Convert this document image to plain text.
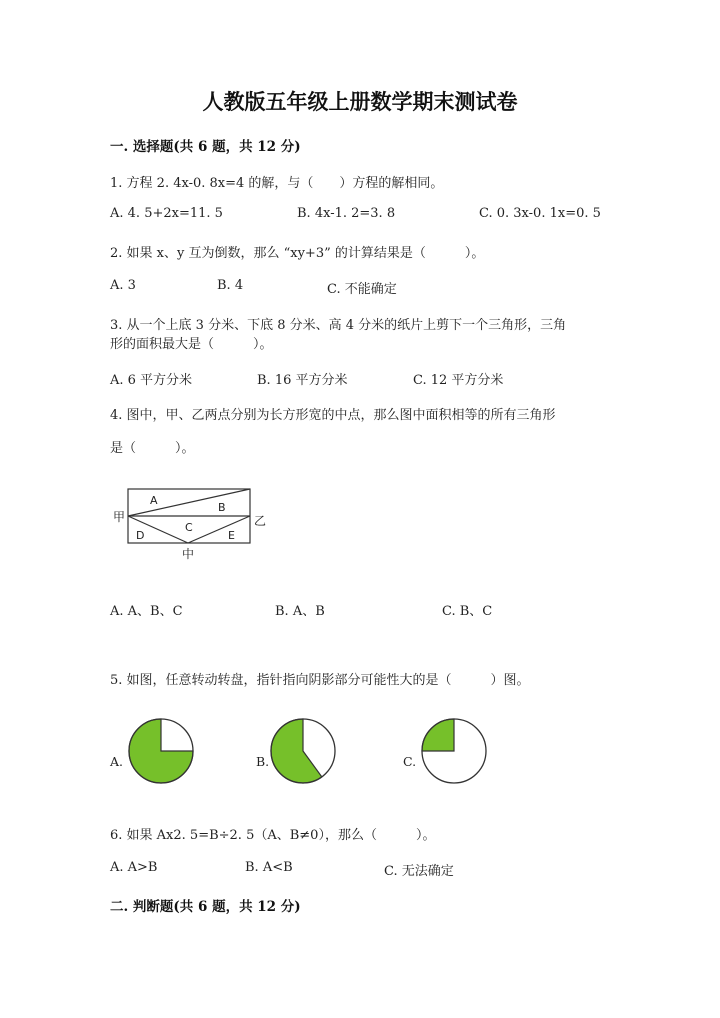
人教版五年级上册数学期末测试卷
一. 选择题(共 6 题，共 12 分)
1. 方程 2. 4x-0. 8x=4 的解，与（　　）方程的解相同。
A. 4. 5+2x=11. 5	B. 4x-1. 2=3. 8	C. 0. 3x-0. 1x=0. 5
2. 如果 x、y 互为倒数，那么 “xy+3” 的计算结果是（　　　）。
A. 3	B. 4	C. 不能确定
3. 从一个上底 3 分米、下底 8 分米、高 4 分米的纸片上剪下一个三角形，三角
形的面积最大是（　　　）。
A. 6 平方分米	B. 16 平方分米	C. 12 平方分米
4. 图中，甲、乙两点分别为长方形宽的中点，那么图中面积相等的所有三角形
是（　　　）。
甲	乙
中
A
B
C
D	E
A. A、B、C	B. A、B	C. B、C
5. 如图，任意转动转盘，指针指向阴影部分可能性大的是（　　　）图。
A.	B.	C.
6. 如果 Ax2. 5=B÷2. 5（A、B≠0），那么（　　　）。
A. A>B	B. A<B	C. 无法确定
二. 判断题(共 6 题，共 12 分)
